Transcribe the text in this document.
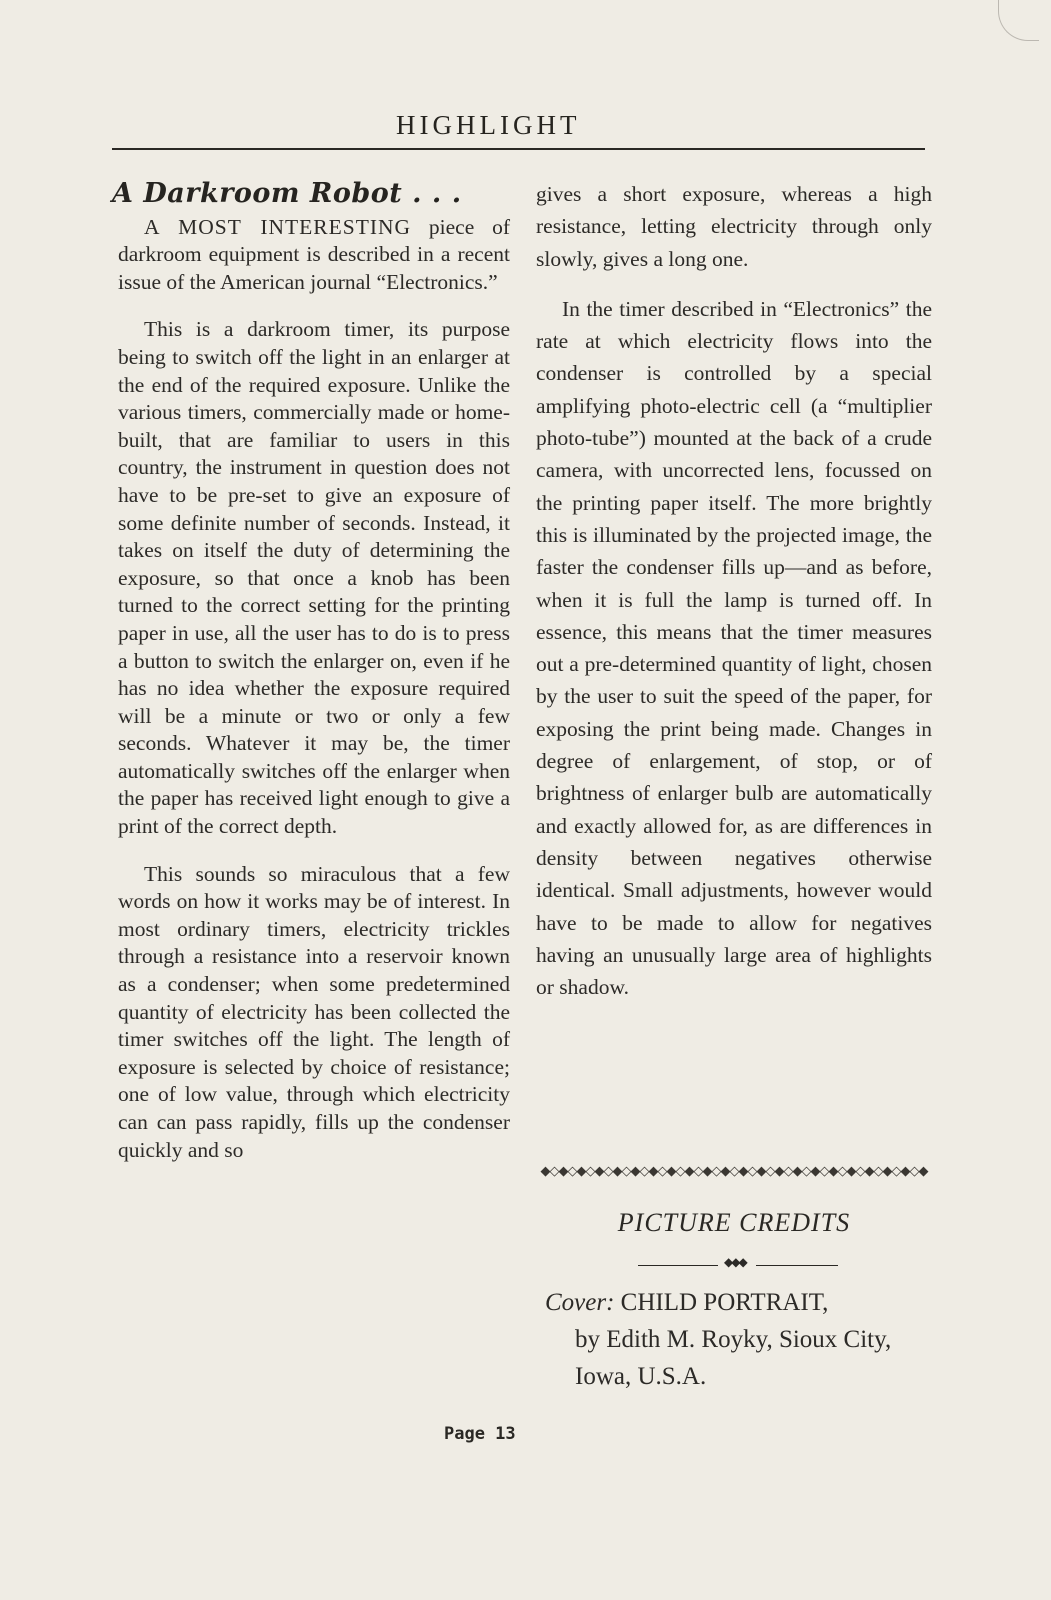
HIGHLIGHT
A Darkroom Robot . . .

A MOST INTERESTING piece of darkroom equipment is described in a recent issue of the American journal “Electronics.”

This is a darkroom timer, its purpose being to switch off the light in an enlarger at the end of the required exposure. Unlike the various timers, commercially made or home-built, that are familiar to users in this country, the instrument in question does not have to be pre-set to give an exposure of some definite number of seconds. Instead, it takes on itself the duty of determining the exposure, so that once a knob has been turned to the correct setting for the printing paper in use, all the user has to do is to press a button to switch the enlarger on, even if he has no idea whether the exposure required will be a minute or two or only a few seconds. Whatever it may be, the timer automatically switches off the enlarger when the paper has received light enough to give a print of the correct depth.

This sounds so miraculous that a few words on how it works may be of interest. In most ordinary timers, electricity trickles through a resistance into a reservoir known as a condenser; when some predetermined quantity of electricity has been collected the timer switches off the light. The length of exposure is selected by choice of resistance; one of low value, through which electricity can can pass rapidly, fills up the condenser quickly and so

gives a short exposure, whereas a high resistance, letting electricity through only slowly, gives a long one.

In the timer described in “Electronics” the rate at which electricity flows into the condenser is controlled by a special amplifying photo-electric cell (a “multiplier photo-tube”) mounted at the back of a crude camera, with uncorrected lens, focussed on the printing paper itself. The more brightly this is illuminated by the projected image, the faster the condenser fills up—and as before, when it is full the lamp is turned off. In essence, this means that the timer measures out a pre-determined quantity of light, chosen by the user to suit the speed of the paper, for exposing the print being made. Changes in degree of enlargement, of stop, or of brightness of enlarger bulb are automatically and exactly allowed for, as are differences in density between negatives otherwise identical. Small adjustments, however would have to be made to allow for negatives having an unusually large area of highlights or shadow.

◆◇◆◇◆◇◆◇◆◇◆◇◆◇◆◇◆◇◆◇◆◇◆◇◆◇◆◇◆◇◆◇◆◇◆◇◆◇◆◇◆◇◆
PICTURE CREDITS
◆◆◆
Cover: CHILD PORTRAIT,
by Edith M. Royky, Sioux City, Iowa, U.S.A.
Page 13
